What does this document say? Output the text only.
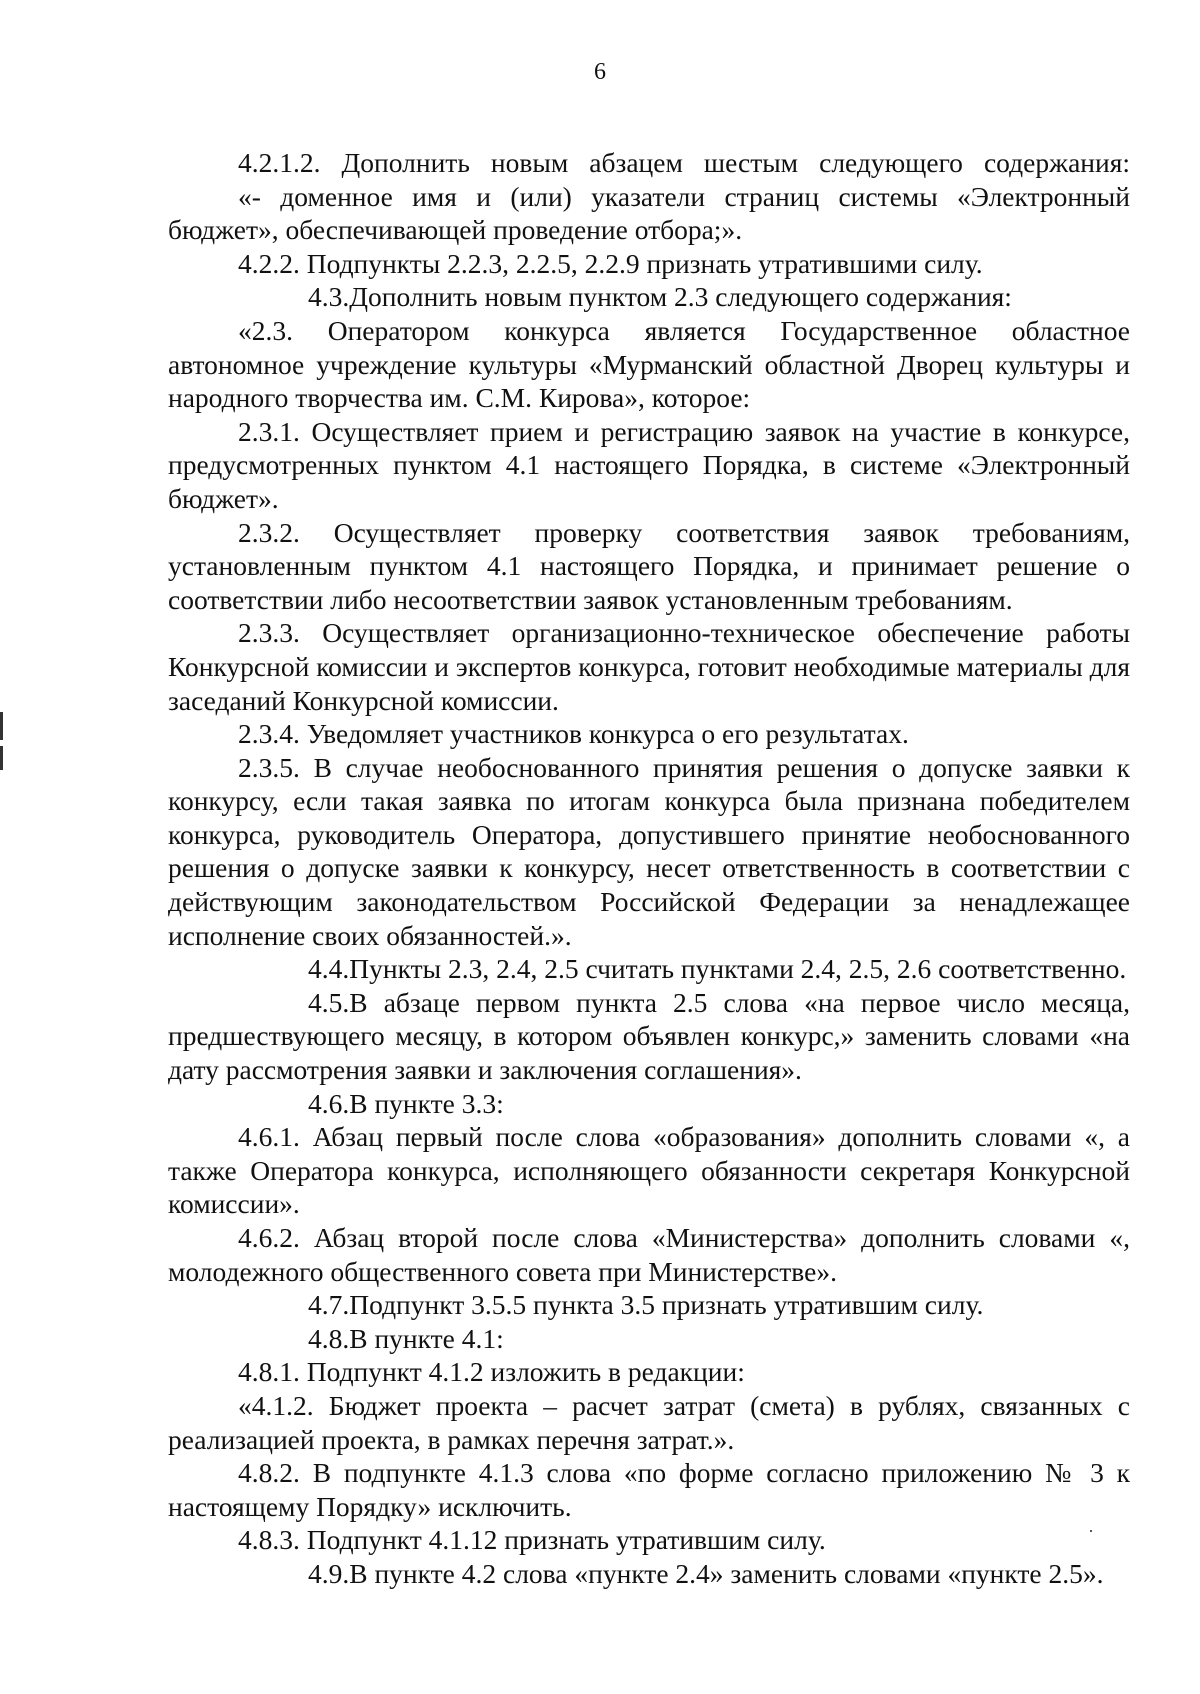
6

4.2.1.2. Дополнить новым абзацем шестым следующего содержания:

«- доменное имя и (или) указатели страниц системы «Электронный бюджет», обеспечивающей проведение отбора;».

4.2.2. Подпункты 2.2.3, 2.2.5, 2.2.9 признать утратившими силу.

4.3.Дополнить новым пунктом 2.3 следующего содержания:

«2.3. Оператором конкурса является Государственное областное автономное учреждение культуры «Мурманский областной Дворец культуры и народного творчества им. С.М. Кирова», которое:

2.3.1. Осуществляет прием и регистрацию заявок на участие в конкурсе, предусмотренных пунктом 4.1 настоящего Порядка, в системе «Электронный бюджет».

2.3.2. Осуществляет проверку соответствия заявок требованиям, установленным пунктом 4.1 настоящего Порядка, и принимает решение о соответствии либо несоответствии заявок установленным требованиям.

2.3.3. Осуществляет организационно-техническое обеспечение работы Конкурсной комиссии и экспертов конкурса, готовит необходимые материалы для заседаний Конкурсной комиссии.

2.3.4. Уведомляет участников конкурса о его результатах.

2.3.5. В случае необоснованного принятия решения о допуске заявки к конкурсу, если такая заявка по итогам конкурса была признана победителем конкурса, руководитель Оператора, допустившего принятие необоснованного решения о допуске заявки к конкурсу, несет ответственность в соответствии с действующим законодательством Российской Федерации за ненадлежащее исполнение своих обязанностей.».

4.4.Пункты 2.3, 2.4, 2.5 считать пунктами 2.4, 2.5, 2.6 соответственно.

4.5.В абзаце первом пункта 2.5 слова «на первое число месяца, предшествующего месяцу, в котором объявлен конкурс,» заменить словами «на дату рассмотрения заявки и заключения соглашения».

4.6.В пункте 3.3:

4.6.1. Абзац первый после слова «образования» дополнить словами «, а также Оператора конкурса, исполняющего обязанности секретаря Конкурсной комиссии».

4.6.2. Абзац второй после слова «Министерства» дополнить словами «, молодежного общественного совета при Министерстве».

4.7.Подпункт 3.5.5 пункта 3.5 признать утратившим силу.

4.8.В пункте 4.1:

4.8.1. Подпункт 4.1.2 изложить в редакции:

«4.1.2. Бюджет проекта – расчет затрат (смета) в рублях, связанных с реализацией проекта, в рамках перечня затрат.».

4.8.2. В подпункте 4.1.3 слова «по форме согласно приложению № 3 к настоящему Порядку» исключить.

4.8.3. Подпункт 4.1.12 признать утратившим силу.

4.9.В пункте 4.2 слова «пункте 2.4» заменить словами «пункте 2.5».
